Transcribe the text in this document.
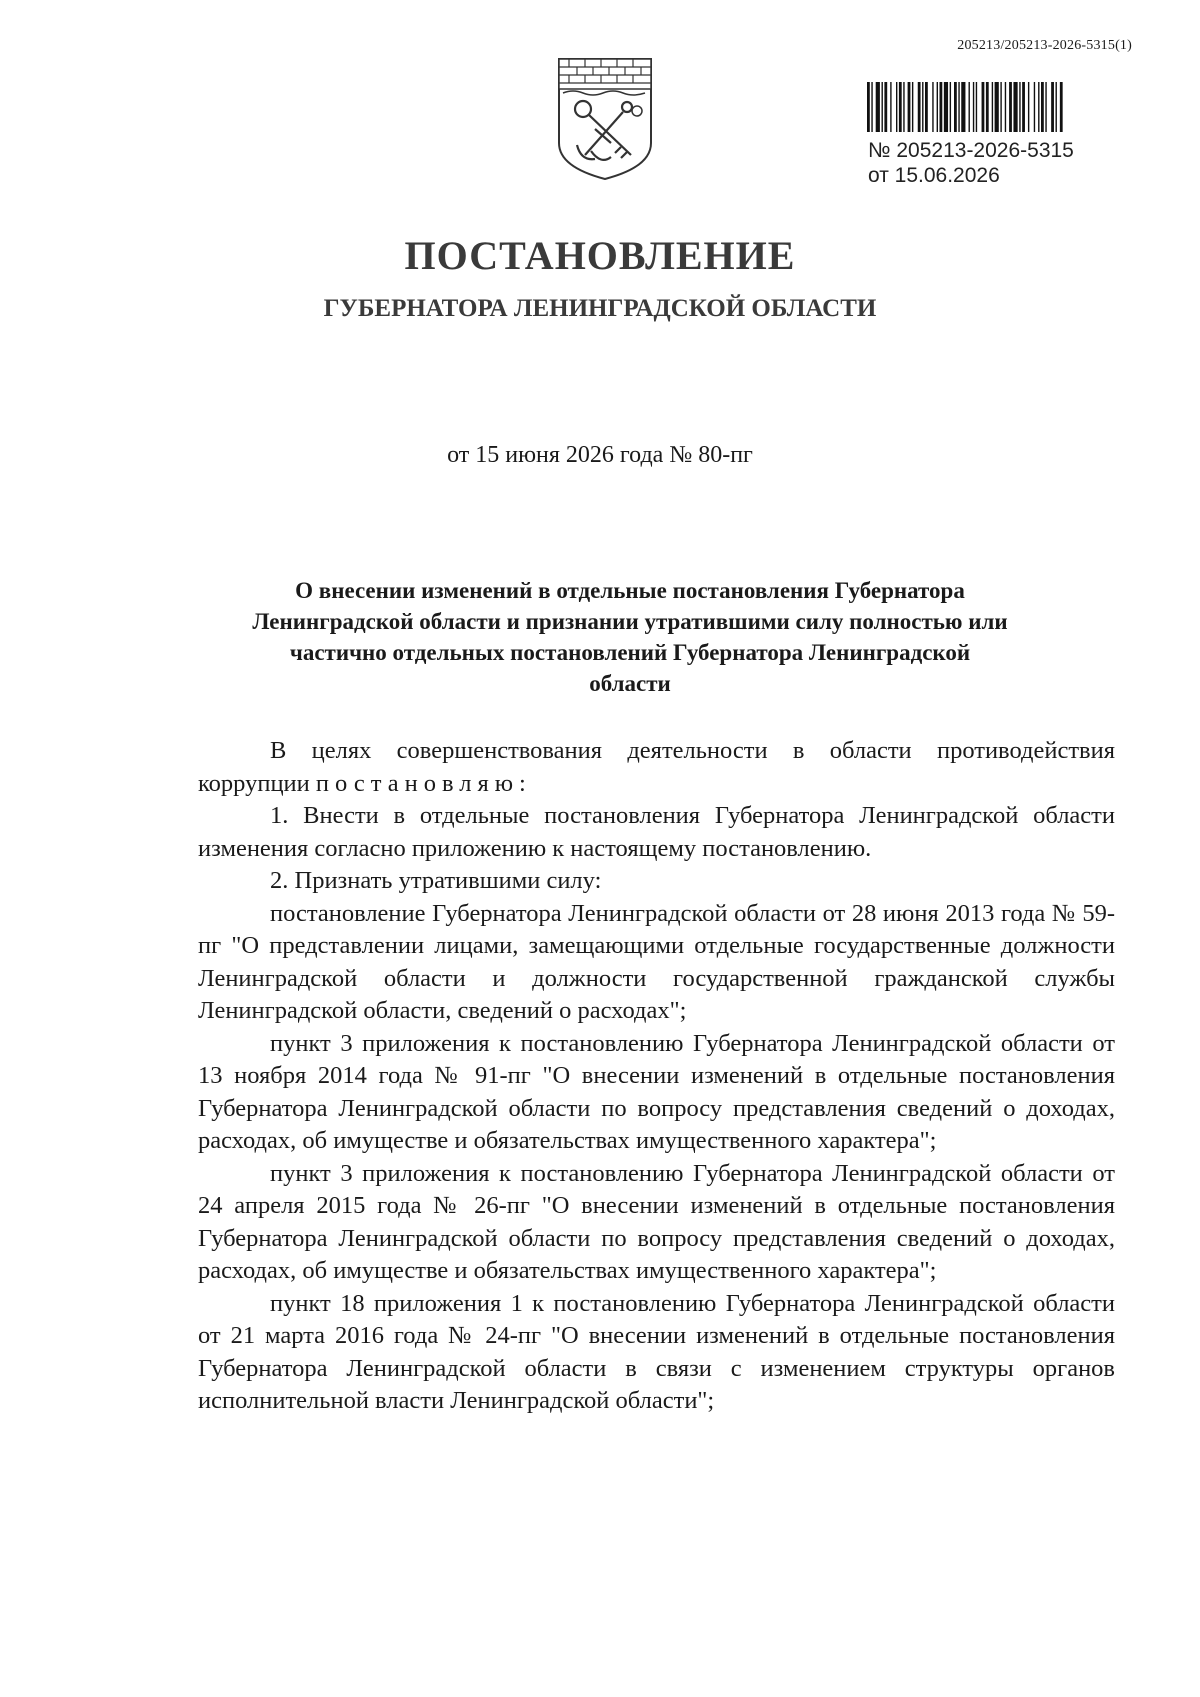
205213/205213-2026-5315(1)
№ 205213-2026-5315
от 15.06.2026
ПОСТАНОВЛЕНИЕ
ГУБЕРНАТОРА ЛЕНИНГРАДСКОЙ ОБЛАСТИ
от 15 июня 2026 года № 80-пг
О внесении изменений в отдельные постановления Губернатора Ленинградской области и признании утратившими силу полностью или частично отдельных постановлений Губернатора Ленинградской области

В целях совершенствования деятельности в области противодействия коррупции постановляю:

1. Внести в отдельные постановления Губернатора Ленинградской области изменения согласно приложению к настоящему постановлению.

2. Признать утратившими силу:

постановление Губернатора Ленинградской области от 28 июня 2013 года № 59-пг "О представлении лицами, замещающими отдельные государственные должности Ленинградской области и должности государственной гражданской службы Ленинградской области, сведений о расходах";

пункт 3 приложения к постановлению Губернатора Ленинградской области от 13 ноября 2014 года № 91-пг "О внесении изменений в отдельные постановления Губернатора Ленинградской области по вопросу представления сведений о доходах, расходах, об имуществе и обязательствах имущественного характера";

пункт 3 приложения к постановлению Губернатора Ленинградской области от 24 апреля 2015 года № 26-пг "О внесении изменений в отдельные постановления Губернатора Ленинградской области по вопросу представления сведений о доходах, расходах, об имуществе и обязательствах имущественного характера";

пункт 18 приложения 1 к постановлению Губернатора Ленинградской области от 21 марта 2016 года № 24-пг "О внесении изменений в отдельные постановления Губернатора Ленинградской области в связи с изменением структуры органов исполнительной власти Ленинградской области";
